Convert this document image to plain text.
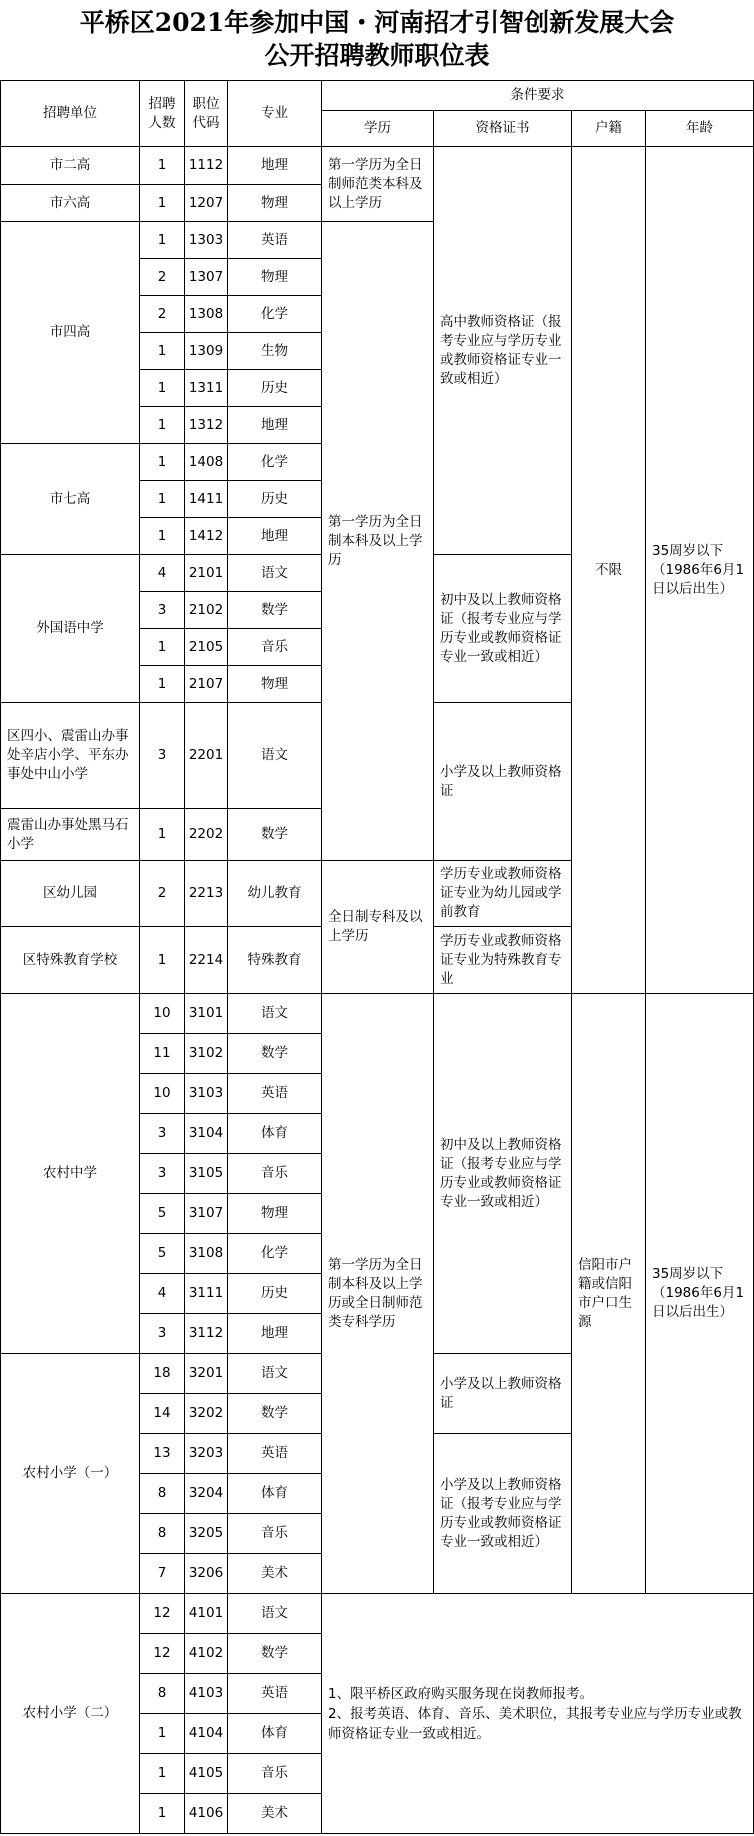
平桥区2021年参加中国・河南招才引智创新发展大会
公开招聘教师职位表
招聘单位	招聘人数	职位代码	专业	条件要求			
				学历	资格证书	户籍	年龄
市二高	1	1112	地理	第一学历为全日制师范类本科及以上学历	高中教师资格证（报考专业应与学历专业或教师资格证专业一致或相近）	不限	35周岁以下（1986年6月1日以后出生）
市六高	1	1207	物理				
市四高	1	1303	英语	第一学历为全日制本科及以上学历			
	2	1307	物理				
	2	1308	化学				
	1	1309	生物				
	1	1311	历史				
	1	1312	地理				
市七高	1	1408	化学				
	1	1411	历史				
	1	1412	地理				
外国语中学	4	2101	语文		初中及以上教师资格证（报考专业应与学历专业或教师资格证专业一致或相近）		
	3	2102	数学				
	1	2105	音乐				
	1	2107	物理				
区四小、震雷山办事处辛店小学、平东办事处中山小学	3	2201	语文		小学及以上教师资格证		
震雷山办事处黑马石小学	1	2202	数学				
区幼儿园	2	2213	幼儿教育	全日制专科及以上学历	学历专业或教师资格证专业为幼儿园或学前教育		
区特殊教育学校	1	2214	特殊教育		学历专业或教师资格证专业为特殊教育专业		
农村中学	10	3101	语文	第一学历为全日制本科及以上学历或全日制师范类专科学历	初中及以上教师资格证（报考专业应与学历专业或教师资格证专业一致或相近）	信阳市户籍或信阳市户口生源	35周岁以下（1986年6月1日以后出生）
	11	3102	数学				
	10	3103	英语				
	3	3104	体育				
	3	3105	音乐				
	5	3107	物理				
	5	3108	化学				
	4	3111	历史				
	3	3112	地理				
农村小学（一）	18	3201	语文		小学及以上教师资格证		
	14	3202	数学				
	13	3203	英语		小学及以上教师资格证（报考专业应与学历专业或教师资格证专业一致或相近）		
	8	3204	体育				
	8	3205	音乐				
	7	3206	美术				
农村小学（二）	12	4101	语文	1、限平桥区政府购买服务现在岗教师报考。
2、报考英语、体育、音乐、美术职位，其报考专业应与学历专业或教师资格证专业一致或相近。			

	12	4102	数学				
	8	4103	英语				
	1	4104	体育				
	1	4105	音乐				
	1	4106	美术				
